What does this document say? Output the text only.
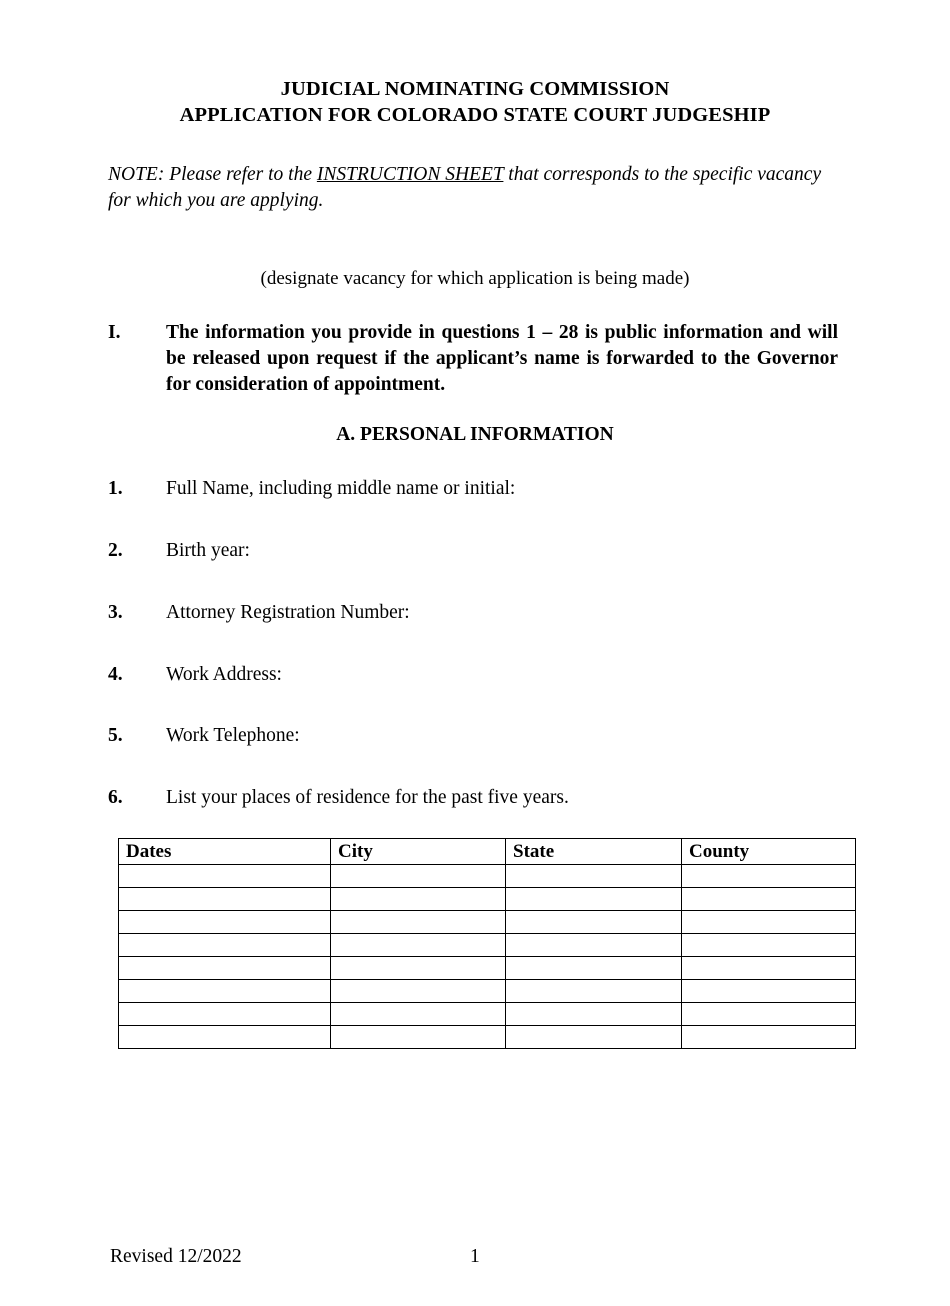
JUDICIAL NOMINATING COMMISSION
APPLICATION FOR COLORADO STATE COURT JUDGESHIP

NOTE: Please refer to the INSTRUCTION SHEET that corresponds to the specific vacancy for which you are applying.

(designate vacancy for which application is being made)
I.	The information you provide in questions 1 – 28 is public information and will be released upon request if the applicant’s name is forwarded to the Governor for consideration of appointment.
A. PERSONAL INFORMATION
1.	Full Name, including middle name or initial:
2.	Birth year:
3.	Attorney Registration Number:
4.	Work Address:
5.	Work Telephone:
6.	List your places of residence for the past five years.
Dates	City	State	County

Revised 12/2022	1
